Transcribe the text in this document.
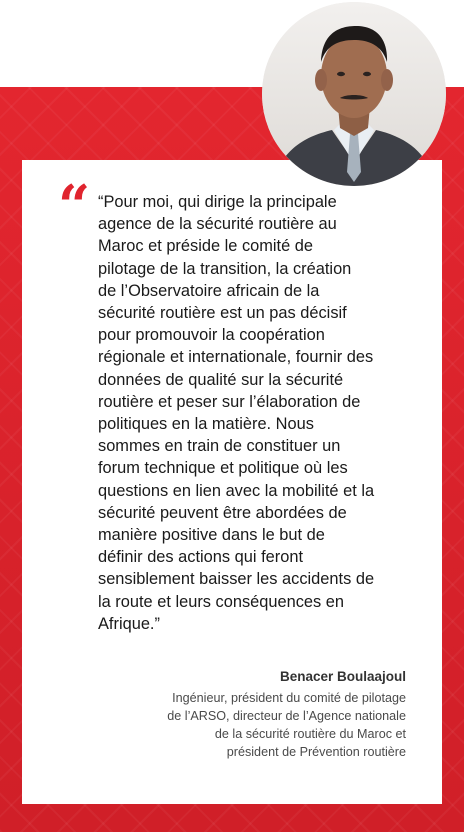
“ “Pour moi, qui dirige la principale
agence de la sécurité routière au
Maroc et préside le comité de
pilotage de la transition, la création
de l’Observatoire africain de la
sécurité routière est un pas décisif
pour promouvoir la coopération
régionale et internationale, fournir des
données de qualité sur la sécurité
routière et peser sur l’élaboration de
politiques en la matière. Nous
sommes en train de constituer un
forum technique et politique où les
questions en lien avec la mobilité et la
sécurité peuvent être abordées de
manière positive dans le but de
définir des actions qui feront
sensiblement baisser les accidents de
la route et leurs conséquences en
Afrique.”

Benacer Boulaajoul

Ingénieur, président du comité de pilotage
de l’ARSO, directeur de l’Agence nationale
de la sécurité routière du Maroc et
président de Prévention routière
